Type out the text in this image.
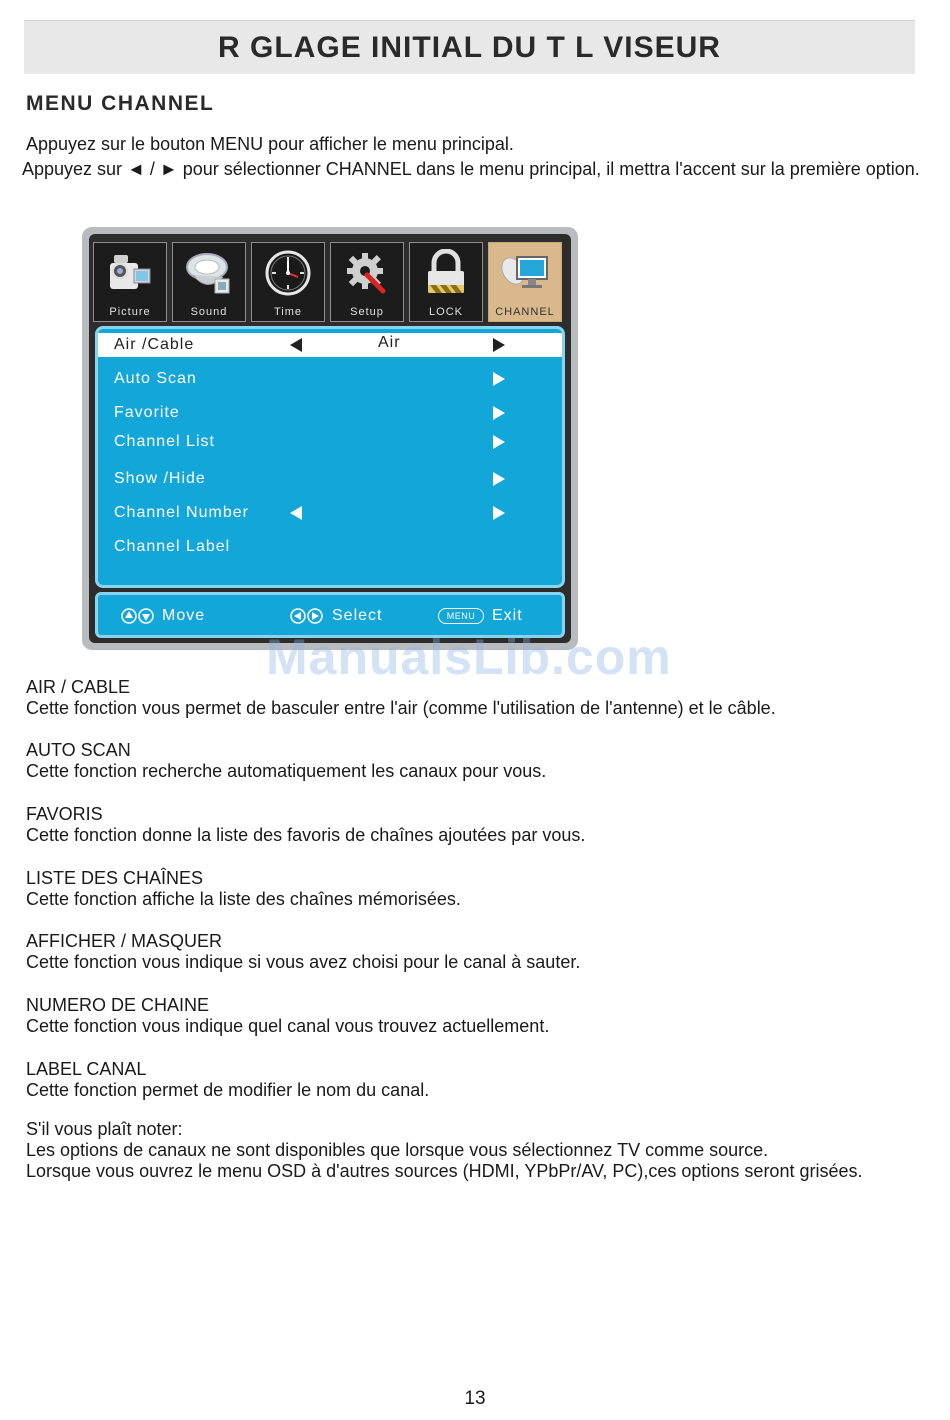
R GLAGE INITIAL DU T L VISEUR
MENU CHANNEL

Appuyez sur le bouton MENU pour afficher le menu principal.

Appuyez sur ◄ / ► pour sélectionner CHANNEL dans le menu principal, il mettra l'accent sur la première option.

Picture	Sound	Time	Setup	LOCK	CHANNEL
Air /Cable	Air
Auto Scan
Favorite
Channel List
Show /Hide
Channel Number
Channel Label
Move	Select	MENU	Exit
ManualsLib.com
AIR / CABLE

Cette fonction vous permet de basculer entre l'air (comme l'utilisation de l'antenne) et le câble.

AUTO SCAN

Cette fonction recherche automatiquement les canaux pour vous.

FAVORIS

Cette fonction donne la liste des favoris de chaînes ajoutées par vous.

LISTE DES CHAÎNES

Cette fonction affiche la liste des chaînes mémorisées.

AFFICHER / MASQUER

Cette fonction vous indique si vous avez choisi pour le canal à sauter.

NUMERO DE CHAINE

Cette fonction vous indique quel canal vous trouvez actuellement.

LABEL CANAL

Cette fonction permet de modifier le nom du canal.

S'il vous plaît noter:

Les options de canaux ne sont disponibles que lorsque vous sélectionnez TV comme source.

Lorsque vous ouvrez le menu OSD à d'autres sources (HDMI, YPbPr/AV, PC),ces options seront grisées.

13
